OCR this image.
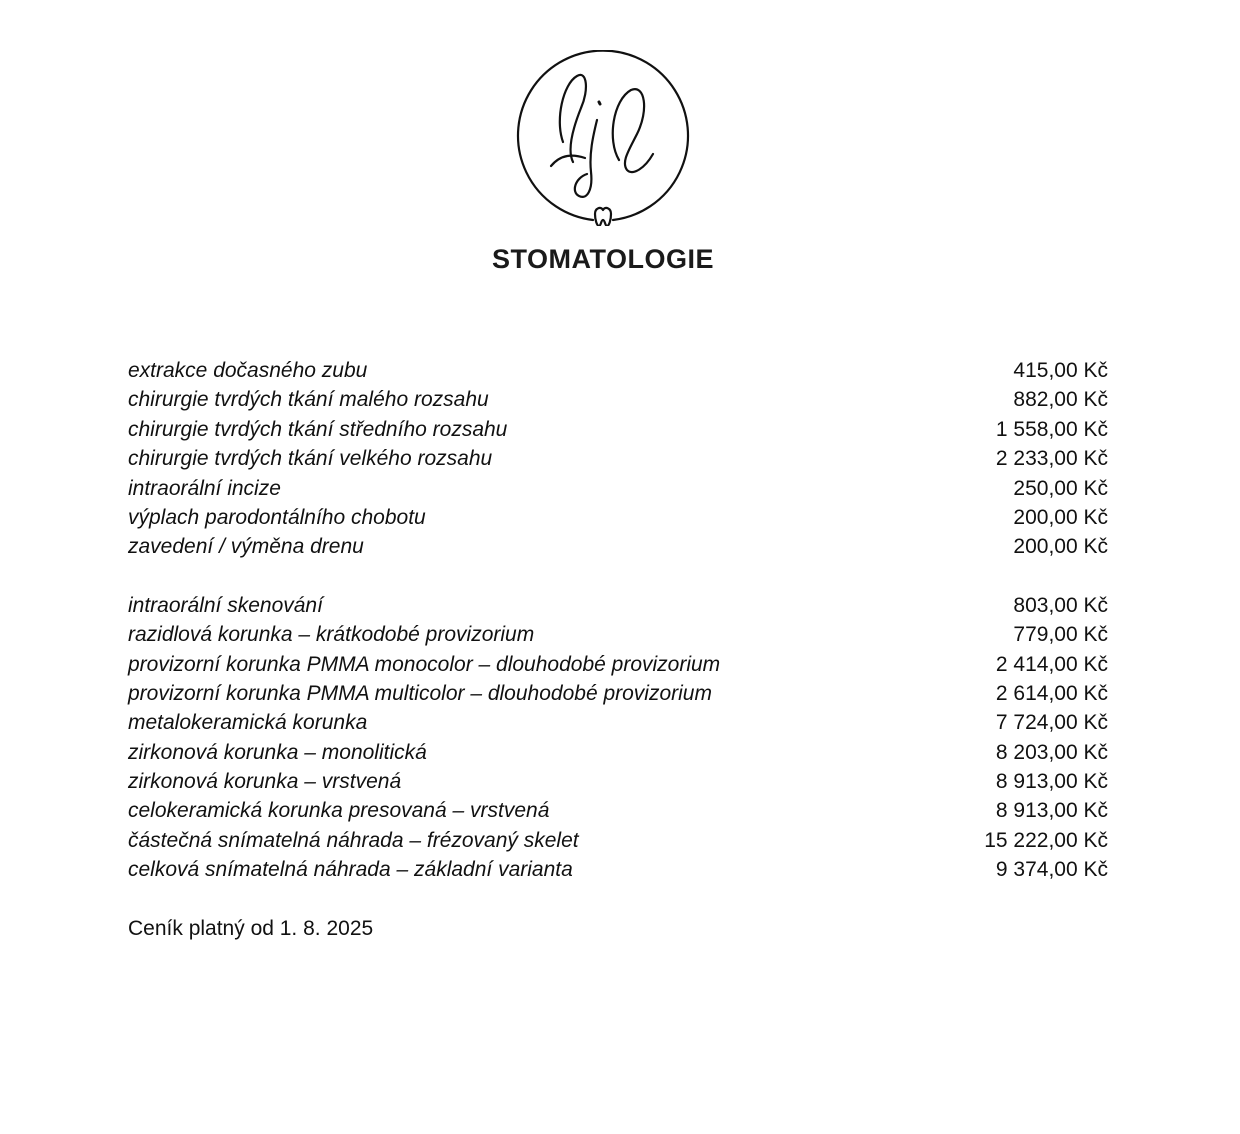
STOMATOLOGIE
extrakce dočasného zubu	415,00 Kč
chirurgie tvrdých tkání malého rozsahu	882,00 Kč
chirurgie tvrdých tkání středního rozsahu	1 558,00 Kč
chirurgie tvrdých tkání velkého rozsahu	2 233,00 Kč
intraorální incize	250,00 Kč
výplach parodontálního chobotu	200,00 Kč
zavedení / výměna drenu	200,00 Kč
intraorální skenování	803,00 Kč
razidlová korunka – krátkodobé provizorium	779,00 Kč
provizorní korunka PMMA monocolor – dlouhodobé provizorium	2 414,00 Kč
provizorní korunka PMMA multicolor – dlouhodobé provizorium	2 614,00 Kč
metalokeramická korunka	7 724,00 Kč
zirkonová korunka – monolitická	8 203,00 Kč
zirkonová korunka – vrstvená	8 913,00 Kč
celokeramická korunka presovaná – vrstvená	8 913,00 Kč
částečná snímatelná náhrada – frézovaný skelet	15 222,00 Kč
celková snímatelná náhrada – základní varianta	9 374,00 Kč
Ceník platný od 1. 8. 2025
